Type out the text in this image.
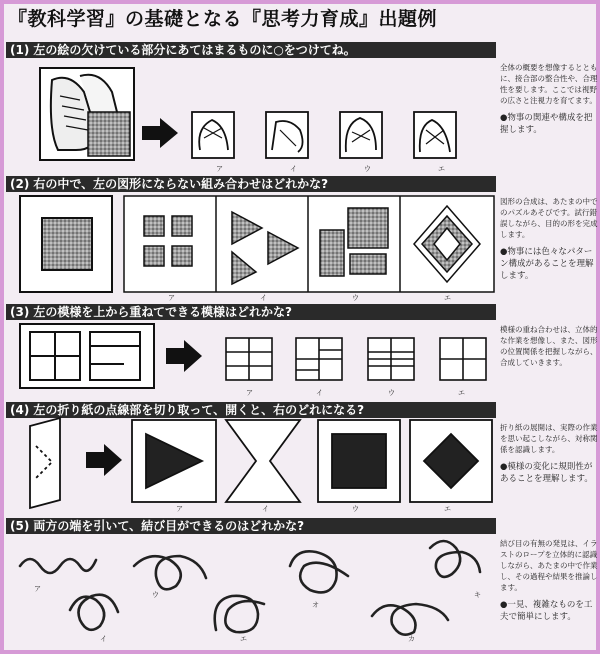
『教科学習』の基礎となる『思考力育成』出題例
(1) 左の絵の欠けている部分にあてはまるものに○をつけてね。
(2) 右の中で、左の図形にならない組み合わせはどれかな?
(3) 左の模様を上から重ねてできる模様はどれかな?
(4) 左の折り紙の点線部を切り取って、開くと、右のどれになる?
(5) 両方の端を引いて、結び目ができるのはどれかな?
全体の概要を想像するとともに、接合部の整合性や、合理性を要します。ここでは視野の広さと注視力を育てます。
●物事の関連や構成を把握します。
図形の合成は、あたまの中でのパズルあそびです。試行錯誤しながら、目的の形を完成します。
●物事には色々なパターン構成があることを理解します。
模様の重ね合わせは、立体的な作業を想像し、また、図形の位置関係を把握しながら、合成していきます。
折り紙の展開は、実際の作業を思い起こしながら、対称関係を認識します。
●模様の変化に規則性があることを理解します。
結び目の有無の発見は、イラストのロープを立体的に認識しながら、あたまの中で作業し、その過程や結果を推論します。
●一見、複雑なものを工夫で簡単にします。
ア	イ	ウ	エ
ア	イ	ウ	エ
ア	イ	ウ	エ
ア	イ	ウ	エ
ア
イ
ウ
エ
オ
カ
キ
